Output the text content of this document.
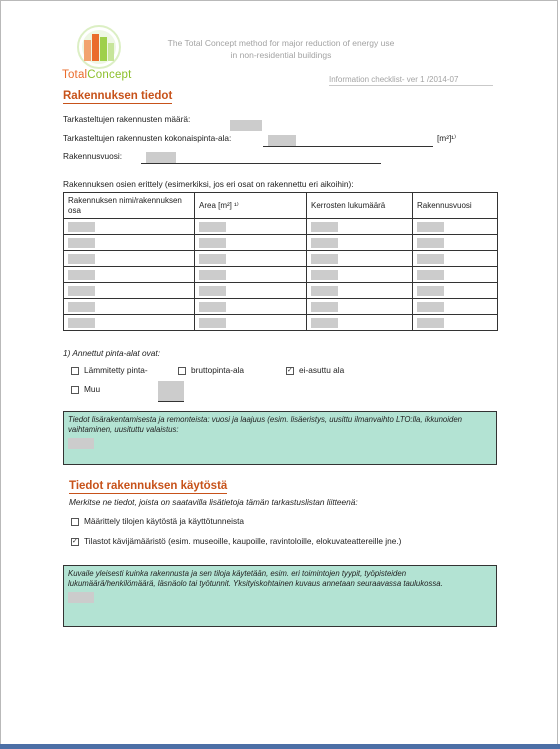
TotalConcept
The Total Concept method for major reduction of energy use
in non-residential buildings
Information checklist- ver 1 /2014-07
Rakennuksen tiedot
Tarkasteltujen rakennusten määrä:
Tarkasteltujen rakennusten kokonaispinta-ala:	[m²]¹⁾
Rakennusvuosi:
Rakennuksen osien erittely (esimerkiksi, jos eri osat on rakennettu eri aikoihin):
Rakennuksen nimi/rakennuksen osa	Area [m²] ¹⁾	Kerrosten lukumäärä	Rakennusvuosi

1) Annettut pinta-alat ovat:
Lämmitetty pinta-	bruttopinta-ala	✓ ei-asuttu ala
Muu
Tiedot lisärakentamisesta ja remonteista: vuosi ja laajuus (esim. lisäeristys, uusittu ilmanvaihto LTO:lla, ikkunoiden vaihtaminen, uusituttu valaistus:
Tiedot rakennuksen käytöstä
Merkitse ne tiedot, joista on saatavilla lisätietoja tämän tarkastuslistan liitteenä:
Määrittely tilojen käytöstä ja käyttötunneista
✓ Tilastot kävijämääristö (esim. museoille, kaupoille, ravintoloille, elokuvateattereille jne.)
Kuvaile yleisesti kuinka rakennusta ja sen tiloja käytetään, esim. eri toimintojen tyypit, työpisteiden lukumäärä/henkilömäärä, läsnäolo tai työtunnit. Yksityiskohtainen kuvaus annetaan seuraavassa taulukossa.
